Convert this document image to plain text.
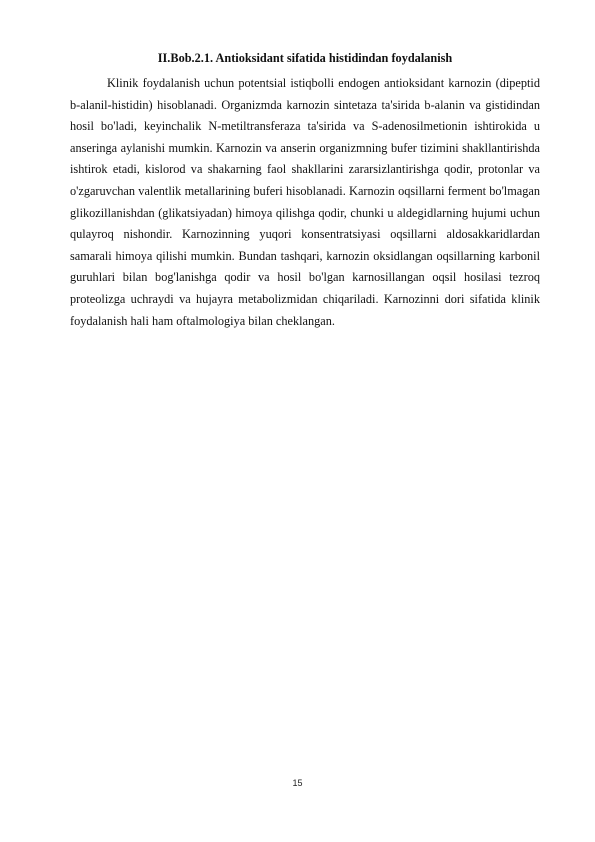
II.Bob.2.1. Antioksidant sifatida histidindan foydalanish

Klinik foydalanish uchun potentsial istiqbolli endogen antioksidant karnozin (dipeptid b-alanil-histidin) hisoblanadi. Organizmda karnozin sintetaza ta'sirida b-alanin va gistidindan hosil bo'ladi, keyinchalik N-metiltransferaza ta'sirida va S-adenosilmetionin ishtirokida u anseringa aylanishi mumkin. Karnozin va anserin organizmning bufer tizimini shakllantirishda ishtirok etadi, kislorod va shakarning faol shakllarini zararsizlantirishga qodir, protonlar va o'zgaruvchan valentlik metallarining buferi hisoblanadi. Karnozin oqsillarni ferment bo'lmagan glikozillanishdan (glikatsiyadan) himoya qilishga qodir, chunki u aldegidlarning hujumi uchun qulayroq nishondir. Karnozinning yuqori konsentratsiyasi oqsillarni aldosakkaridlardan samarali himoya qilishi mumkin. Bundan tashqari, karnozin oksidlangan oqsillarning karbonil guruhlari bilan bog'lanishga qodir va hosil bo'lgan karnosillangan oqsil hosilasi tezroq proteolizga uchraydi va hujayra metabolizmidan chiqariladi. Karnozinni dori sifatida klinik foydalanish hali ham oftalmologiya bilan cheklangan.

15
